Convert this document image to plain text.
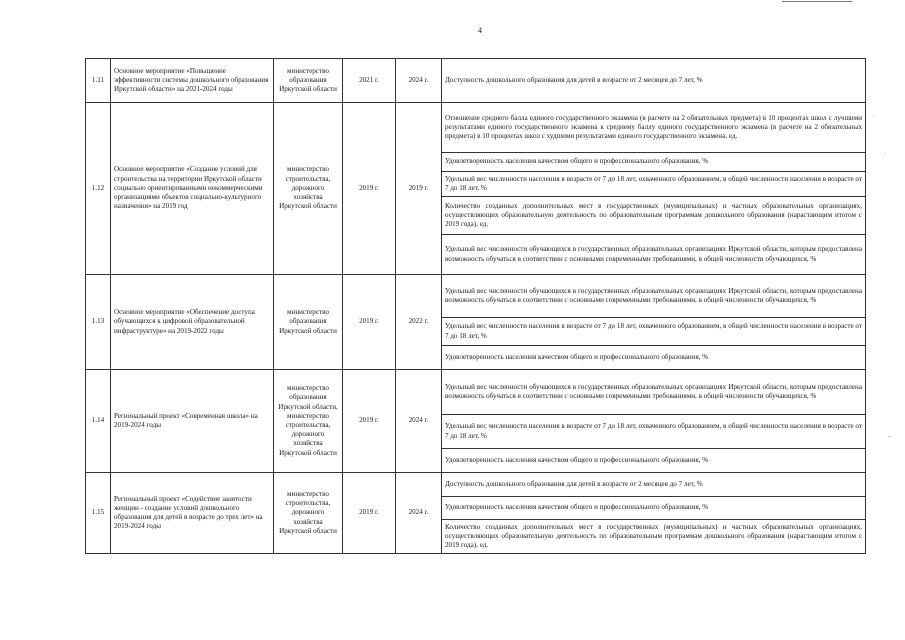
4
1.11	Основное мероприятие «Повышение эффективности системы дошкольного образования Иркутской области» на 2021-2024 годы	министерство образования Иркутской области	2021 г.	2024 г.	Доступность дошкольного образования для детей в возрасте от 2 месяцев до 7 лет, %
1.12	Основное мероприятие «Создание условий для строительства на территории Иркутской области социально ориентированными некоммерческими организациями объектов социально-культурного назначения» на 2019 год	министерство строительства, дорожного хозяйства Иркутской области	2019 г.	2019 г.	Отношение среднего балла единого государственного экзамена (в расчете на 2 обязательных предмета) в 10 процентах школ с лучшими результатами единого государственного экзамена к среднему баллу единого государственного экзамена (в расчете на 2 обязательных предмета) в 10 процентах школ с худшими результатами единого государственного экзамена, ед.
					Удовлетворенность населения качеством общего и профессионального образования, %
					Удельный вес численности населения в возрасте от 7 до 18 лет, охваченного образованием, в общей численности населения в возрасте от 7 до 18 лет, %
					Количество созданных дополнительных мест в государственных (муниципальных) и частных образовательных организациях, осуществляющих образовательную деятельность по образовательным программам дошкольного образования (нарастающим итогом с 2019 года), ед.
					Удельный вес численности обучающихся в государственных образовательных организациях Иркутской области, которым предоставлена возможность обучаться в соответствии с основными современными требованиями, в общей численности обучающихся, %
1.13	Основное мероприятие «Обеспечение доступа обучающихся к цифровой образовательной инфраструктуре» на 2019-2022 годы	министерство образования Иркутской области	2019 г.	2022 г.	Удельный вес численности обучающихся в государственных образовательных организациях Иркутской области, которым предоставлена возможность обучаться в соответствии с основными современными требованиями, в общей численности обучающихся, %
					Удельный вес численности населения в возрасте от 7 до 18 лет, охваченного образованием, в общей численности населения в возрасте от 7 до 18 лет, %
					Удовлетворенность населения качеством общего и профессионального образования, %
1.14	Региональный проект «Современная школа» на 2019-2024 годы	министерство образования Иркутской области, министерство строительства, дорожного хозяйства Иркутской области	2019 г.	2024 г.	Удельный вес численности обучающихся в государственных образовательных организациях Иркутской области, которым предоставлена возможность обучаться в соответствии с основными современными требованиями, в общей численности обучающихся, %
					Удельный вес численности населения в возрасте от 7 до 18 лет, охваченного образованием, в общей численности населения в возрасте от 7 до 18 лет, %
					Удовлетворенность населения качеством общего и профессионального образования, %
1.15	Региональный проект «Содействие занятости женщин - создание условий дошкольного образования для детей в возрасте до трех лет» на 2019-2024 годы	министерство строительства, дорожного хозяйства Иркутской области	2019 г.	2024 г.	Доступность дошкольного образования для детей в возрасте от 2 месяцев до 7 лет, %
					Удовлетворенность населения качеством общего и профессионального образования, %
					Количество созданных дополнительных мест в государственных (муниципальных) и частных образовательных организациях, осуществляющих образовательную деятельность по образовательным программам дошкольного образования (нарастающим итогом с 2019 года), ед.
·
·
–
